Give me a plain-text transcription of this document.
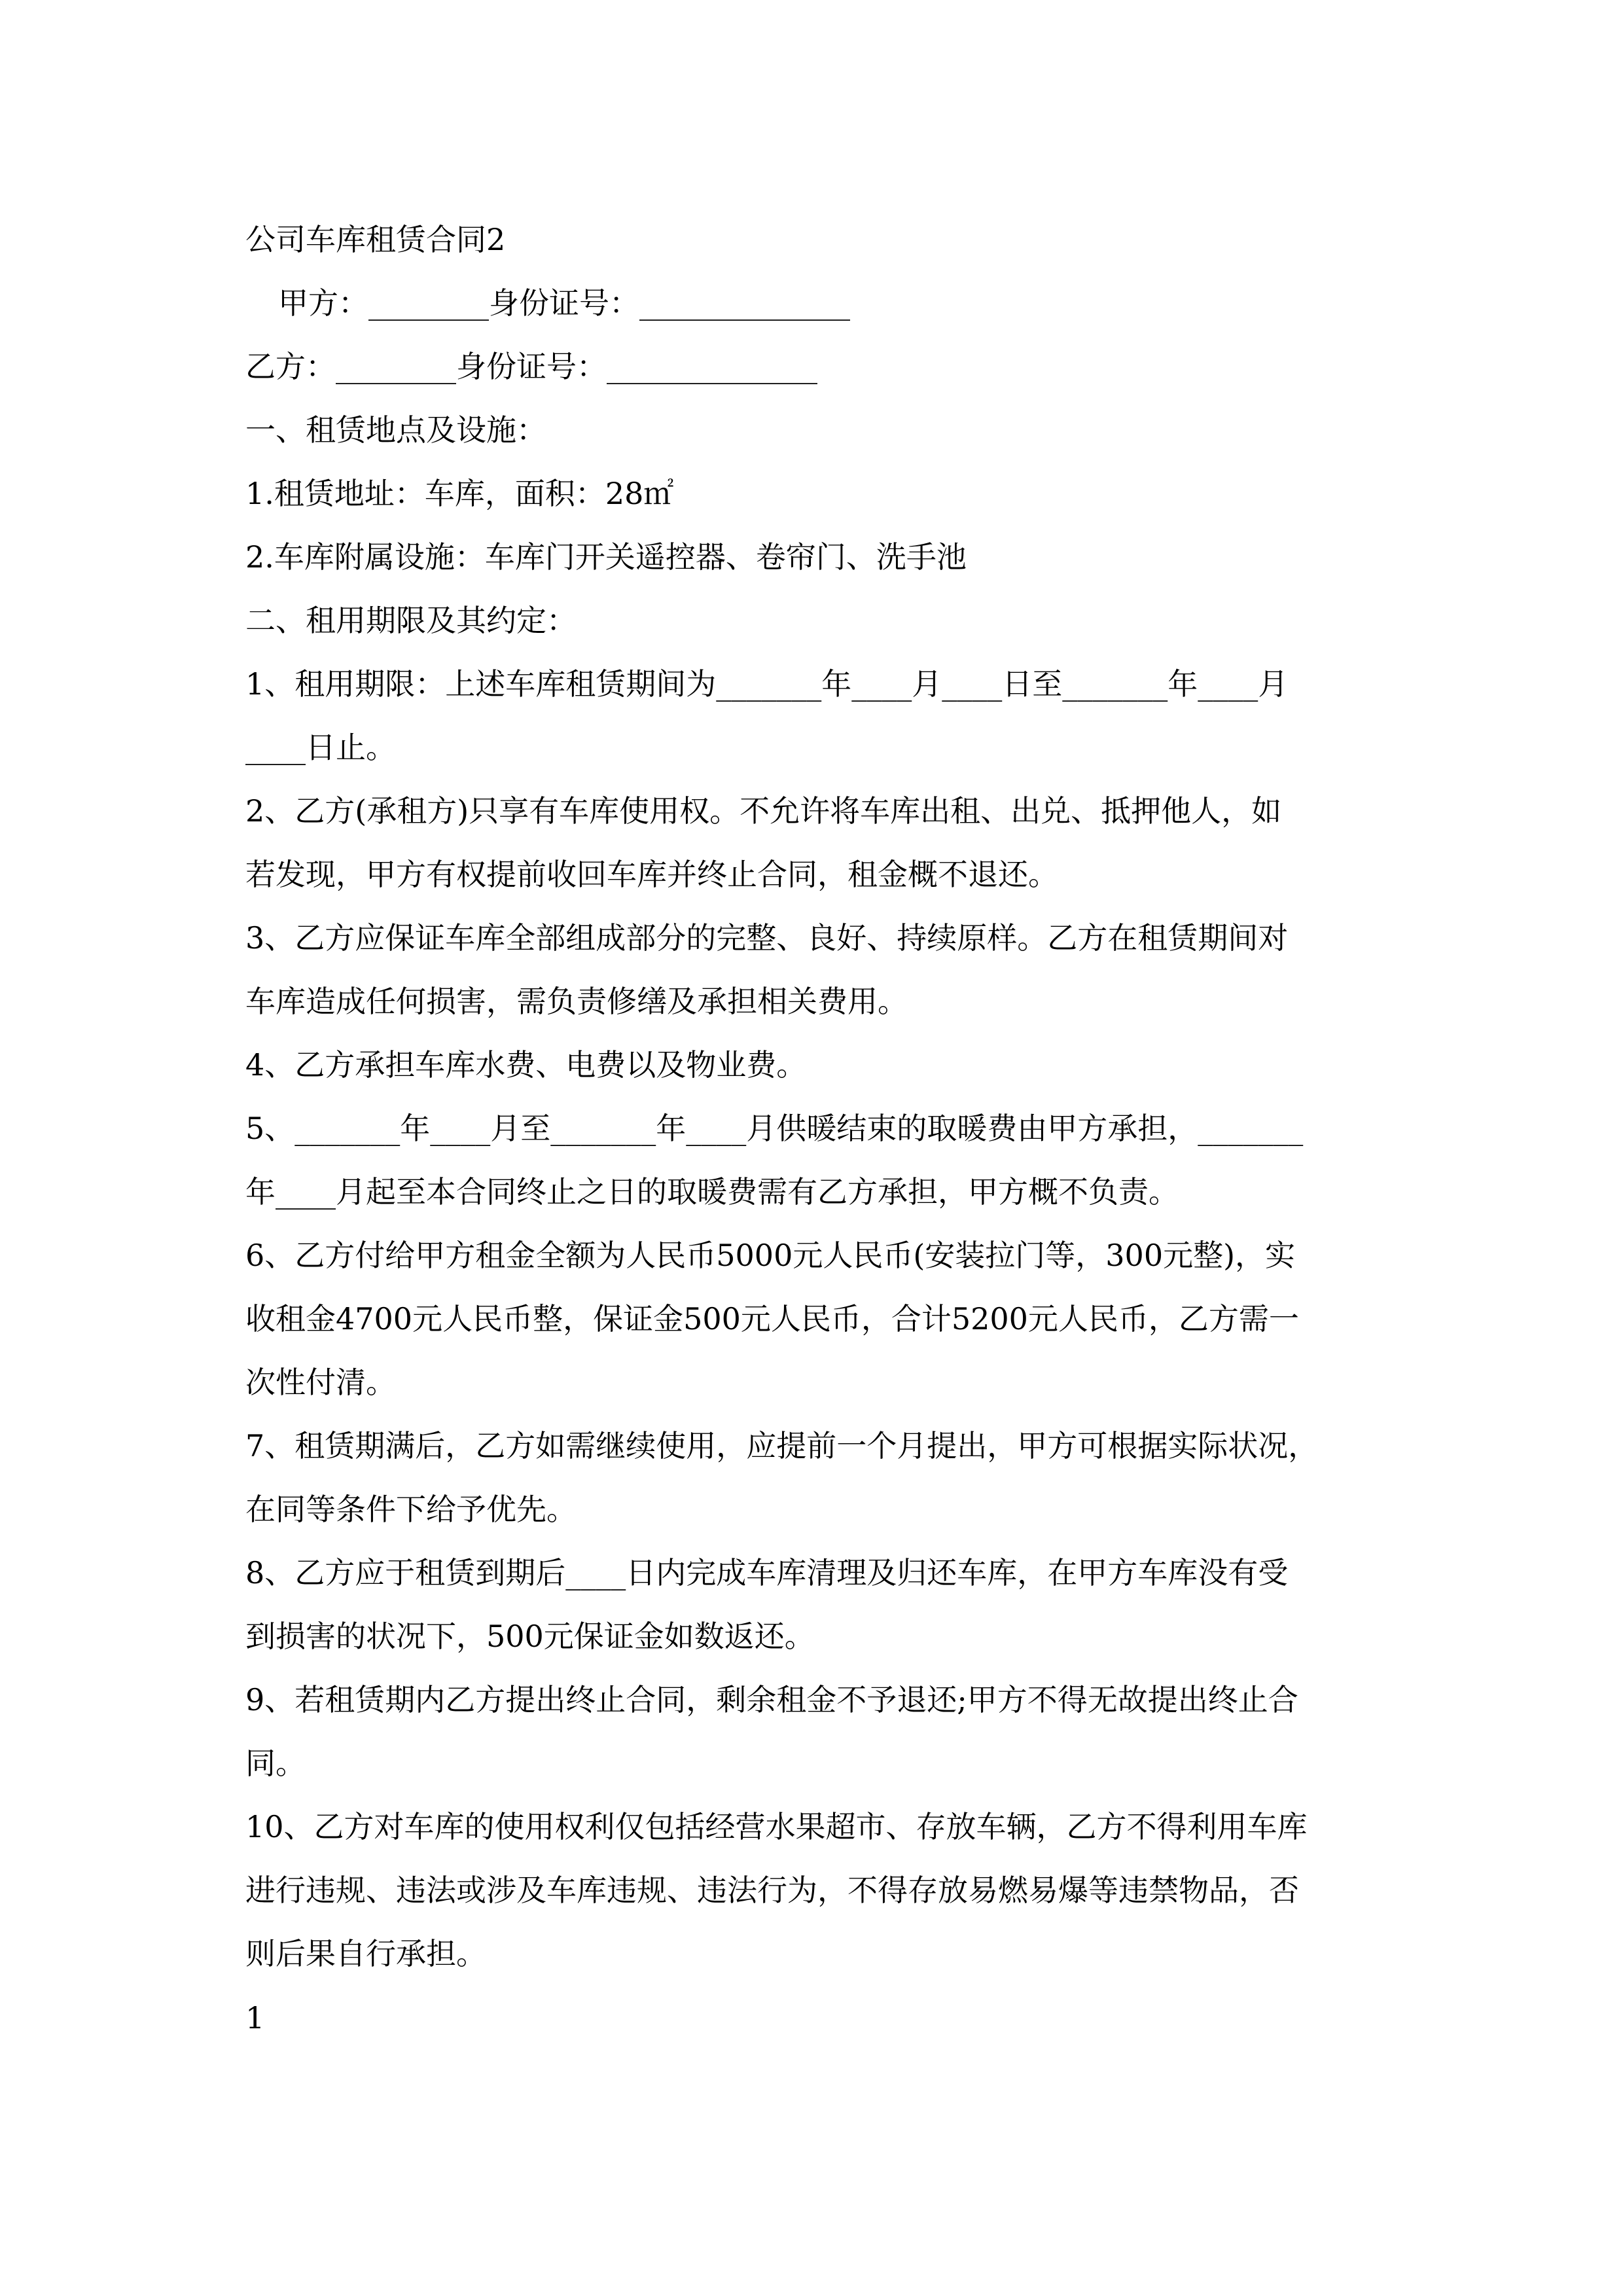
公司车库租赁合同2
甲方：________身份证号：______________
乙方：________身份证号：______________
一、租赁地点及设施：
1.租赁地址：车库，面积：28㎡
2.车库附属设施：车库门开关遥控器、卷帘门、洗手池
二、租用期限及其约定：
1、租用期限：上述车库租赁期间为_______年____月____日至_______年____月
____日止。
2、乙方(承租方)只享有车库使用权。不允许将车库出租、出兑、抵押他人，如
若发现，甲方有权提前收回车库并终止合同，租金概不退还。
3、乙方应保证车库全部组成部分的完整、良好、持续原样。乙方在租赁期间对
车库造成任何损害，需负责修缮及承担相关费用。
4、乙方承担车库水费、电费以及物业费。
5、_______年____月至_______年____月供暖结束的取暖费由甲方承担，_______
年____月起至本合同终止之日的取暖费需有乙方承担，甲方概不负责。
6、乙方付给甲方租金全额为人民币5000元人民币(安装拉门等，300元整)，实
收租金4700元人民币整，保证金500元人民币，合计5200元人民币，乙方需一
次性付清。
7、租赁期满后，乙方如需继续使用，应提前一个月提出，甲方可根据实际状况，
在同等条件下给予优先。
8、乙方应于租赁到期后____日内完成车库清理及归还车库，在甲方车库没有受
到损害的状况下，500元保证金如数返还。
9、若租赁期内乙方提出终止合同，剩余租金不予退还;甲方不得无故提出终止合
同。
10、乙方对车库的使用权利仅包括经营水果超市、存放车辆，乙方不得利用车库
进行违规、违法或涉及车库违规、违法行为，不得存放易燃易爆等违禁物品，否
则后果自行承担。
1
